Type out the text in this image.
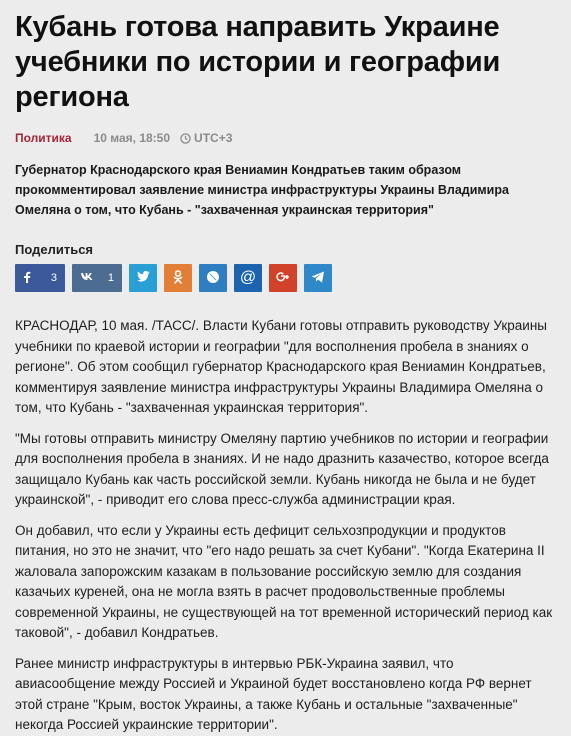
Кубань готова направить Украине учебники по истории и географии региона
Политика 10 мая, 18:50 UTC+3

Губернатор Краснодарского края Вениамин Кондратьев таким образом прокомментировал заявление министра инфраструктуры Украины Владимира Омеляна о том, что Кубань - "захваченная украинская территория"

Поделиться
3	1	@

КРАСНОДАР, 10 мая. /ТАСС/. Власти Кубани готовы отправить руководству Украины учебники по краевой истории и географии "для восполнения пробела в знаниях о регионе". Об этом сообщил губернатор Краснодарского края Вениамин Кондратьев, комментируя заявление министра инфраструктуры Украины Владимира Омеляна о том, что Кубань - "захваченная украинская территория".

"Мы готовы отправить министру Омеляну партию учебников по истории и географии для восполнения пробела в знаниях. И не надо дразнить казачество, которое всегда защищало Кубань как часть российской земли. Кубань никогда не была и не будет украинской", - приводит его слова пресс-служба администрации края.

Он добавил, что если у Украины есть дефицит сельхозпродукции и продуктов питания, но это не значит, что "его надо решать за счет Кубани". "Когда Екатерина II жаловала запорожским казакам в пользование российскую землю для создания казачьих куреней, она не могла взять в расчет продовольственные проблемы современной Украины, не существующей на тот временной исторический период как таковой", - добавил Кондратьев.

Ранее министр инфраструктуры в интервью РБК-Украина заявил, что авиасообщение между Россией и Украиной будет восстановлено когда РФ вернет этой стране "Крым, восток Украины, а также Кубань и остальные "захваченные" некогда Россией украинские территории".
